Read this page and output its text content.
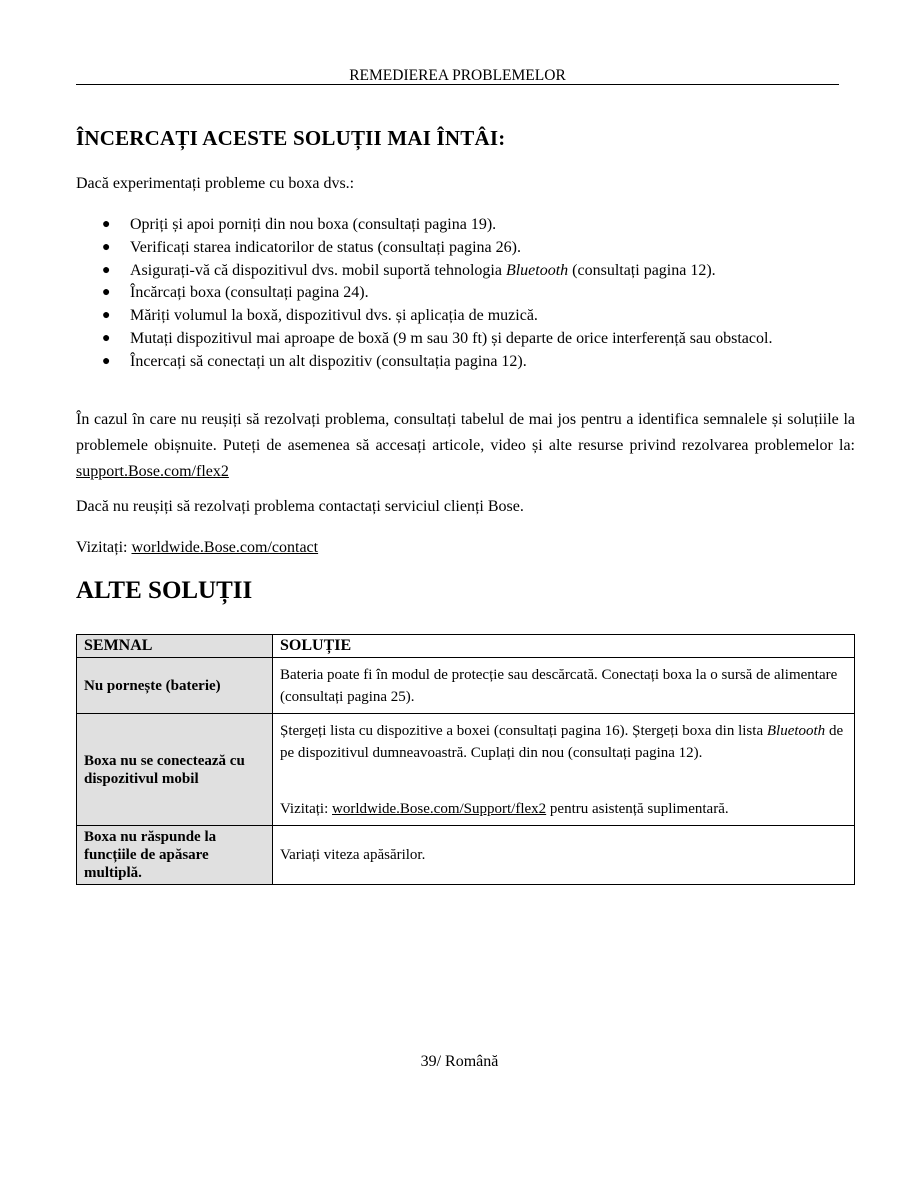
REMEDIEREA PROBLEMELOR
ÎNCERCAȚI ACESTE SOLUȚII MAI ÎNTÂI:

Dacă experimentați probleme cu boxa dvs.:

● Opriți și apoi porniți din nou boxa (consultați pagina 19).
● Verificați starea indicatorilor de status (consultați pagina 26).
● Asigurați-vă că dispozitivul dvs. mobil suportă tehnologia Bluetooth (consultați pagina 12).
● Încărcați boxa (consultați pagina 24).
● Măriți volumul la boxă, dispozitivul dvs. și aplicația de muzică.
● Mutați dispozitivul mai aproape de boxă (9 m sau 30 ft) și departe de orice interferență sau obstacol.
● Încercați să conectați un alt dispozitiv (consultația pagina 12).

În cazul în care nu reușiți să rezolvați problema, consultați tabelul de mai jos pentru a identifica semnalele și soluțiile la problemele obișnuite. Puteți de asemenea să accesați articole, video și alte resurse privind rezolvarea problemelor la: support.Bose.com/flex2

Dacă nu reușiți să rezolvați problema contactați serviciul clienți Bose.

Vizitați: worldwide.Bose.com/contact

ALTE SOLUȚII
SEMNAL	SOLUȚIE
Nu pornește (baterie)	Bateria poate fi în modul de protecție sau descărcată. Conectați boxa la o sursă de alimentare (consultați pagina 25).
Boxa nu se conectează cu dispozitivul mobil	
Ștergeți lista cu dispozitive a boxei (consultați pagina 16). Ștergeți boxa din lista Bluetooth de pe dispozitivul dumneavoastră. Cuplați din nou (consultați pagina 12).
Vizitați: worldwide.Bose.com/Support/flex2 pentru asistență suplimentară.

Boxa nu răspunde la funcțiile de apăsare multiplă.	Variați viteza apăsărilor.
39/ Română
